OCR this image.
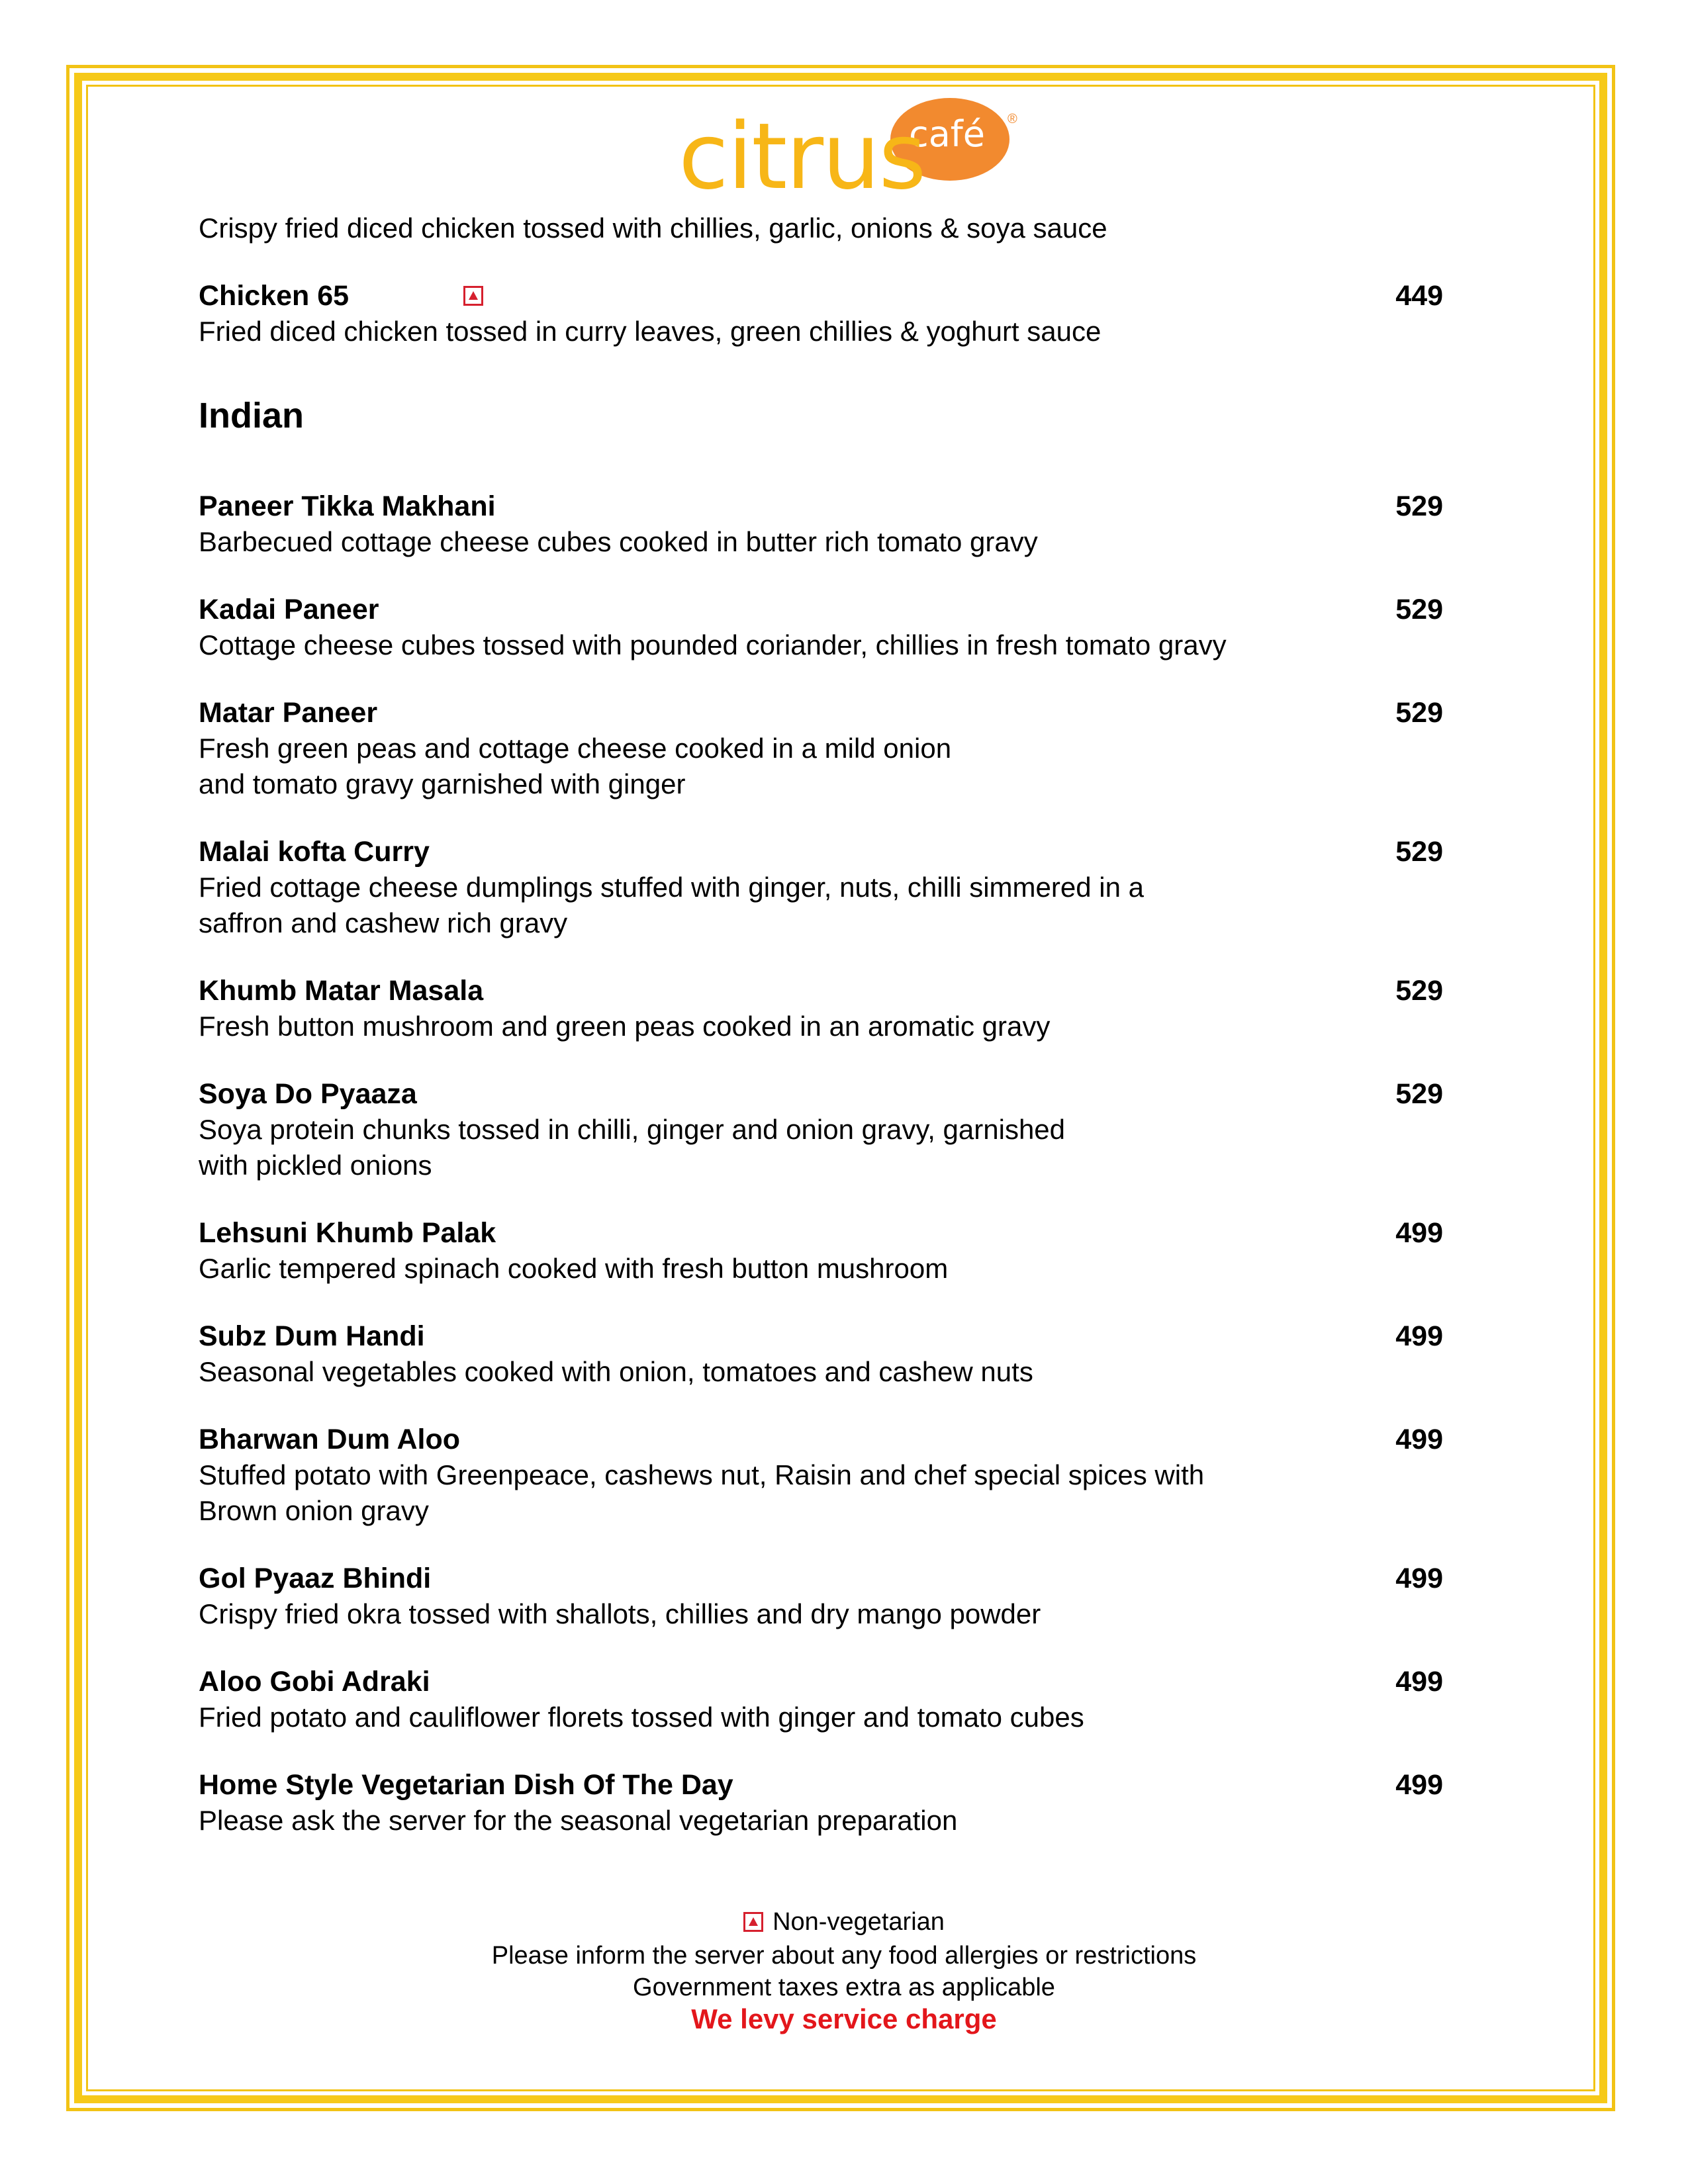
café ®
citrus
Crispy fried diced chicken tossed with chillies, garlic, onions & soya sauce
Chicken 65	449
Fried diced chicken tossed in curry leaves, green chillies & yoghurt sauce
Indian
Paneer Tikka Makhani	529
Barbecued cottage cheese cubes cooked in butter rich tomato gravy
Kadai Paneer	529
Cottage cheese cubes tossed with pounded coriander, chillies in fresh tomato gravy
Matar Paneer	529
Fresh green peas and cottage cheese cooked in a mild onion
and tomato gravy garnished with ginger
Malai kofta Curry	529
Fried cottage cheese dumplings stuffed with ginger, nuts, chilli simmered in a
saffron and cashew rich gravy
Khumb Matar Masala	529
Fresh button mushroom and green peas cooked in an aromatic gravy
Soya Do Pyaaza	529
Soya protein chunks tossed in chilli, ginger and onion gravy, garnished
with pickled onions
Lehsuni Khumb Palak	499
Garlic tempered spinach cooked with fresh button mushroom
Subz Dum Handi	499
Seasonal vegetables cooked with onion, tomatoes and cashew nuts
Bharwan Dum Aloo	499
Stuffed potato with Greenpeace, cashews nut, Raisin and chef special spices with
Brown onion gravy
Gol Pyaaz Bhindi	499
Crispy fried okra tossed with shallots, chillies and dry mango powder
Aloo Gobi Adraki	499
Fried potato and cauliflower florets tossed with ginger and tomato cubes
Home Style Vegetarian Dish Of The Day	499
Please ask the server for the seasonal vegetarian preparation
Non-vegetarian
Please inform the server about any food allergies or restrictions
Government taxes extra as applicable
We levy service charge
